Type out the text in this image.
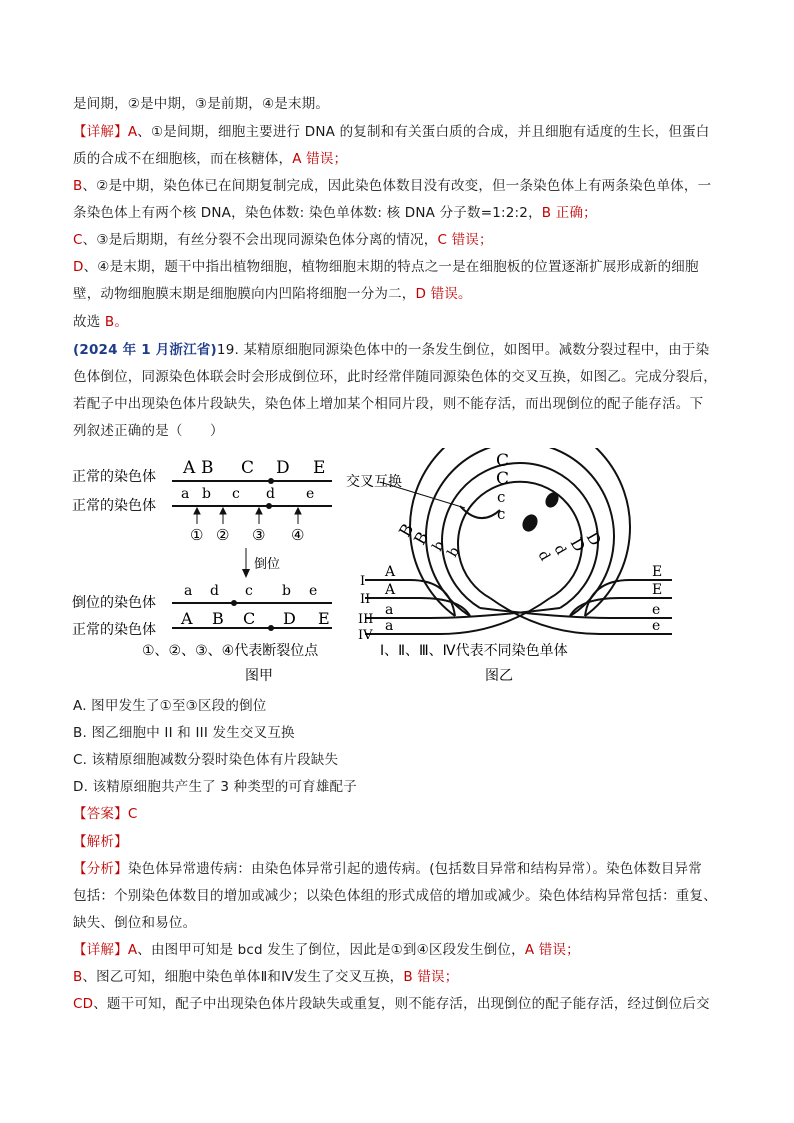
是间期，②是中期，③是前期，④是末期。
【详解】A、①是间期，细胞主要进行 DNA 的复制和有关蛋白质的合成，并且细胞有适度的生长，但蛋白
质的合成不在细胞核，而在核糖体，A 错误；
B、②是中期，染色体已在间期复制完成，因此染色体数目没有改变，但一条染色体上有两条染色单体，一
条染色体上有两个核 DNA，染色体数: 染色单体数: 核 DNA 分子数=1:2:2，B 正确；
C、③是后期期，有丝分裂不会出现同源染色体分离的情况，C 错误；
D、④是末期，题干中指出植物细胞，植物细胞末期的特点之一是在细胞板的位置逐渐扩展形成新的细胞
壁，动物细胞膜末期是细胞膜向内凹陷将细胞一分为二，D 错误。
故选 B。
(2024 年 1 月浙江省)19. 某精原细胞同源染色体中的一条发生倒位，如图甲。减数分裂过程中，由于染
色体倒位，同源染色体联会时会形成倒位环，此时经常伴随同源染色体的交叉互换，如图乙。完成分裂后，
若配子中出现染色体片段缺失，染色体上增加某个相同片段，则不能存活，而出现倒位的配子能存活。下
列叙述正确的是（　　）
正常的染色体
正常的染色体
A B C D E
a b c d e
① ② ③ ④
倒位
倒位的染色体
正常的染色体
a d c b e
A B C D E
①、②、③、④代表断裂位点
图甲
交叉互换
C
C
c
c
B
B
b
b
D
D
d
d
I
II
III
IV
A
A
a
a
E
E
e
e
Ⅰ、Ⅱ、Ⅲ、Ⅳ代表不同染色单体
图乙
A. 图甲发生了①至③区段的倒位
B. 图乙细胞中 II 和 III 发生交叉互换
C. 该精原细胞减数分裂时染色体有片段缺失
D. 该精原细胞共产生了 3 种类型的可育雄配子
【答案】C
【解析】
【分析】染色体异常遗传病：由染色体异常引起的遗传病。(包括数目异常和结构异常）。染色体数目异常
包括：个别染色体数目的增加或减少；以染色体组的形式成倍的增加或减少。染色体结构异常包括：重复、
缺失、倒位和易位。
【详解】A、由图甲可知是 bcd 发生了倒位，因此是①到④区段发生倒位，A 错误；
B、图乙可知，细胞中染色单体Ⅱ和Ⅳ发生了交叉互换，B 错误；
CD、题干可知，配子中出现染色体片段缺失或重复，则不能存活，出现倒位的配子能存活，经过倒位后交
